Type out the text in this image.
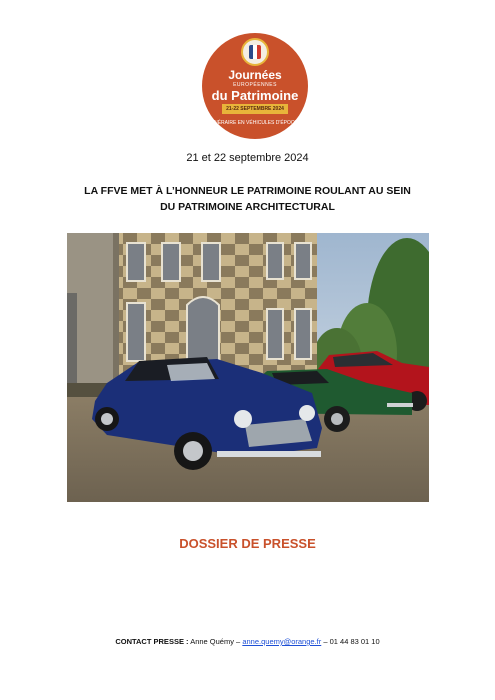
Journées
EUROPÉENNES
du Patrimoine
21-22 SEPTEMBRE 2024
ITINÉRAIRE EN VÉHICULES D'ÉPOQUE
21 et 22 septembre 2024
LA FFVE MET À L’HONNEUR LE PATRIMOINE ROULANT AU SEIN DU PATRIMOINE ARCHITECTURAL
DOSSIER DE PRESSE
CONTACT PRESSE : Anne Quémy – anne.quemy@orange.fr – 01 44 83 01 10
